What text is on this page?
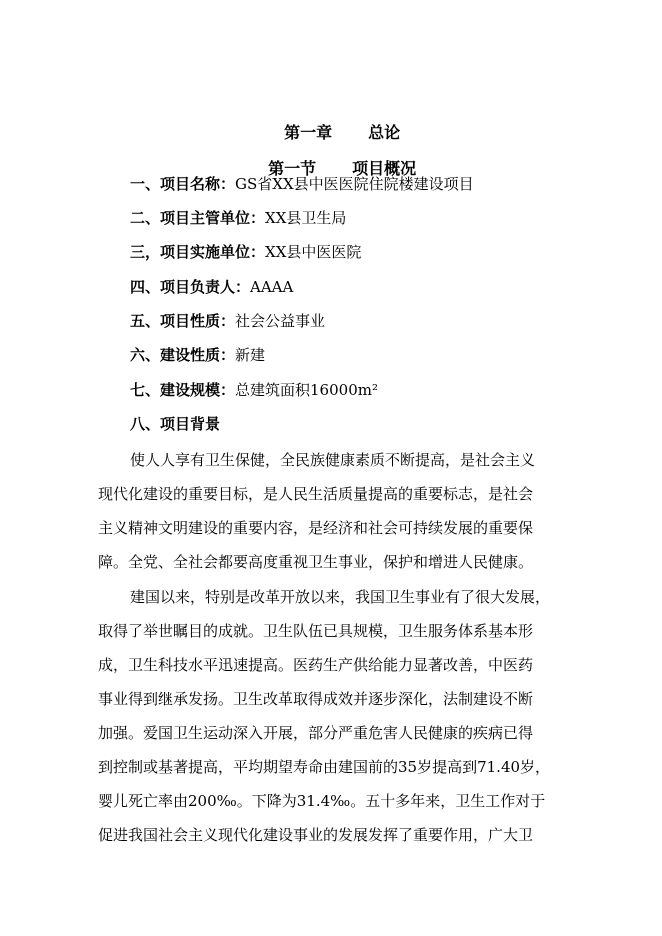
第一章 总论

第一节 项目概况

一、项目名称：GS省XX县中医医院住院楼建设项目
二、项目主管单位：XX县卫生局
三，项目实施单位：XX县中医医院
四、项目负责人：AAAA
五、项目性质：社会公益事业
六、建设性质：新建
七、建设规模：总建筑面积16000m²
八、项目背景
使人人享有卫生保健，全民族健康素质不断提高，是社会主义
现代化建设的重要目标，是人民生活质量提高的重要标志，是社会
主义精神文明建设的重要内容，是经济和社会可持续发展的重要保
障。全党、全社会都要高度重视卫生事业，保护和增进人民健康。
建国以来，特别是改革开放以来，我国卫生事业有了很大发展，
取得了举世瞩目的成就。卫生队伍已具规模，卫生服务体系基本形
成，卫生科技水平迅速提高。医药生产供给能力显著改善，中医药
事业得到继承发扬。卫生改革取得成效并逐步深化，法制建设不断
加强。爱国卫生运动深入开展，部分严重危害人民健康的疾病已得
到控制或基著提高，平均期望寿命由建国前的35岁提高到71.40岁，
婴儿死亡率由200‰。下降为31.4‰。五十多年来，卫生工作对于
促进我国社会主义现代化建设事业的发展发挥了重要作用，广大卫
